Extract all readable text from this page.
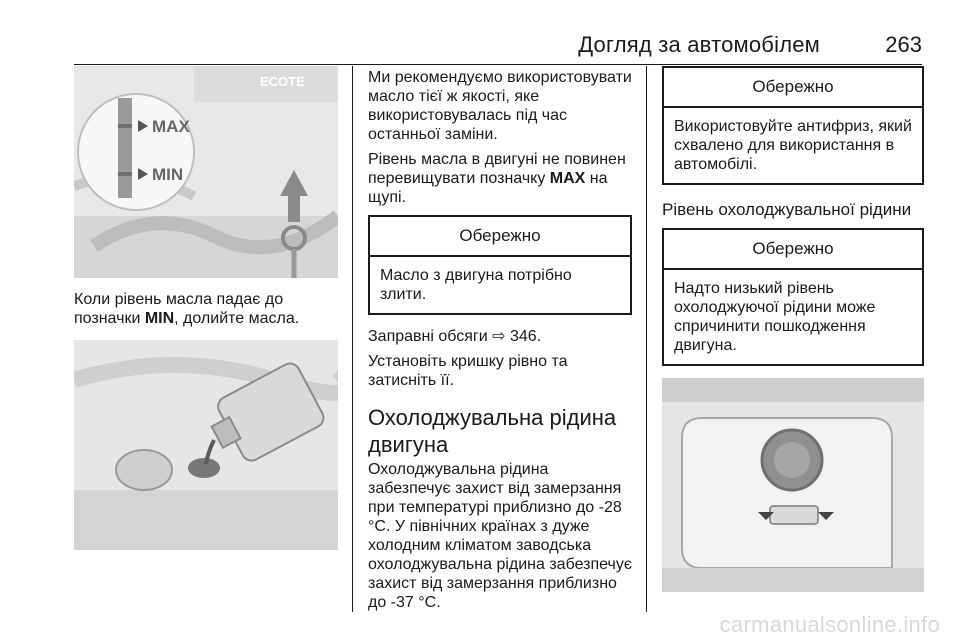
Догляд за автомобілем	263
ECOTE
MAX
MIN

Коли рівень масла падає до позначки MIN, долийте масла.

Ми рекомендуємо використовувати масло тієї ж якості, яке використовувалась під час останньої заміни.

Рівень масла в двигуні не повинен перевищувати позначку MAX на щупі.

Обережно
Масло з двигуна потрібно злити.

Заправні обсяги ⇨ 346.

Установіть кришку рівно та затисніть її.

Охолоджувальна рідина двигуна

Охолоджувальна рідина забезпечує захист від замерзання при температурі приблизно до -28 °C. У північних країнах з дуже холодним кліматом заводська охолоджувальна рідина забезпечує захист від замерзання приблизно до -37 °C.

Обережно
Використовуйте антифриз, який схвалено для використання в автомобілі.
Рівень охолоджувальної рідини
Обережно
Надто низький рівень охолоджуючої рідини може спричинити пошкодження двигуна.
carmanualsonline.info
